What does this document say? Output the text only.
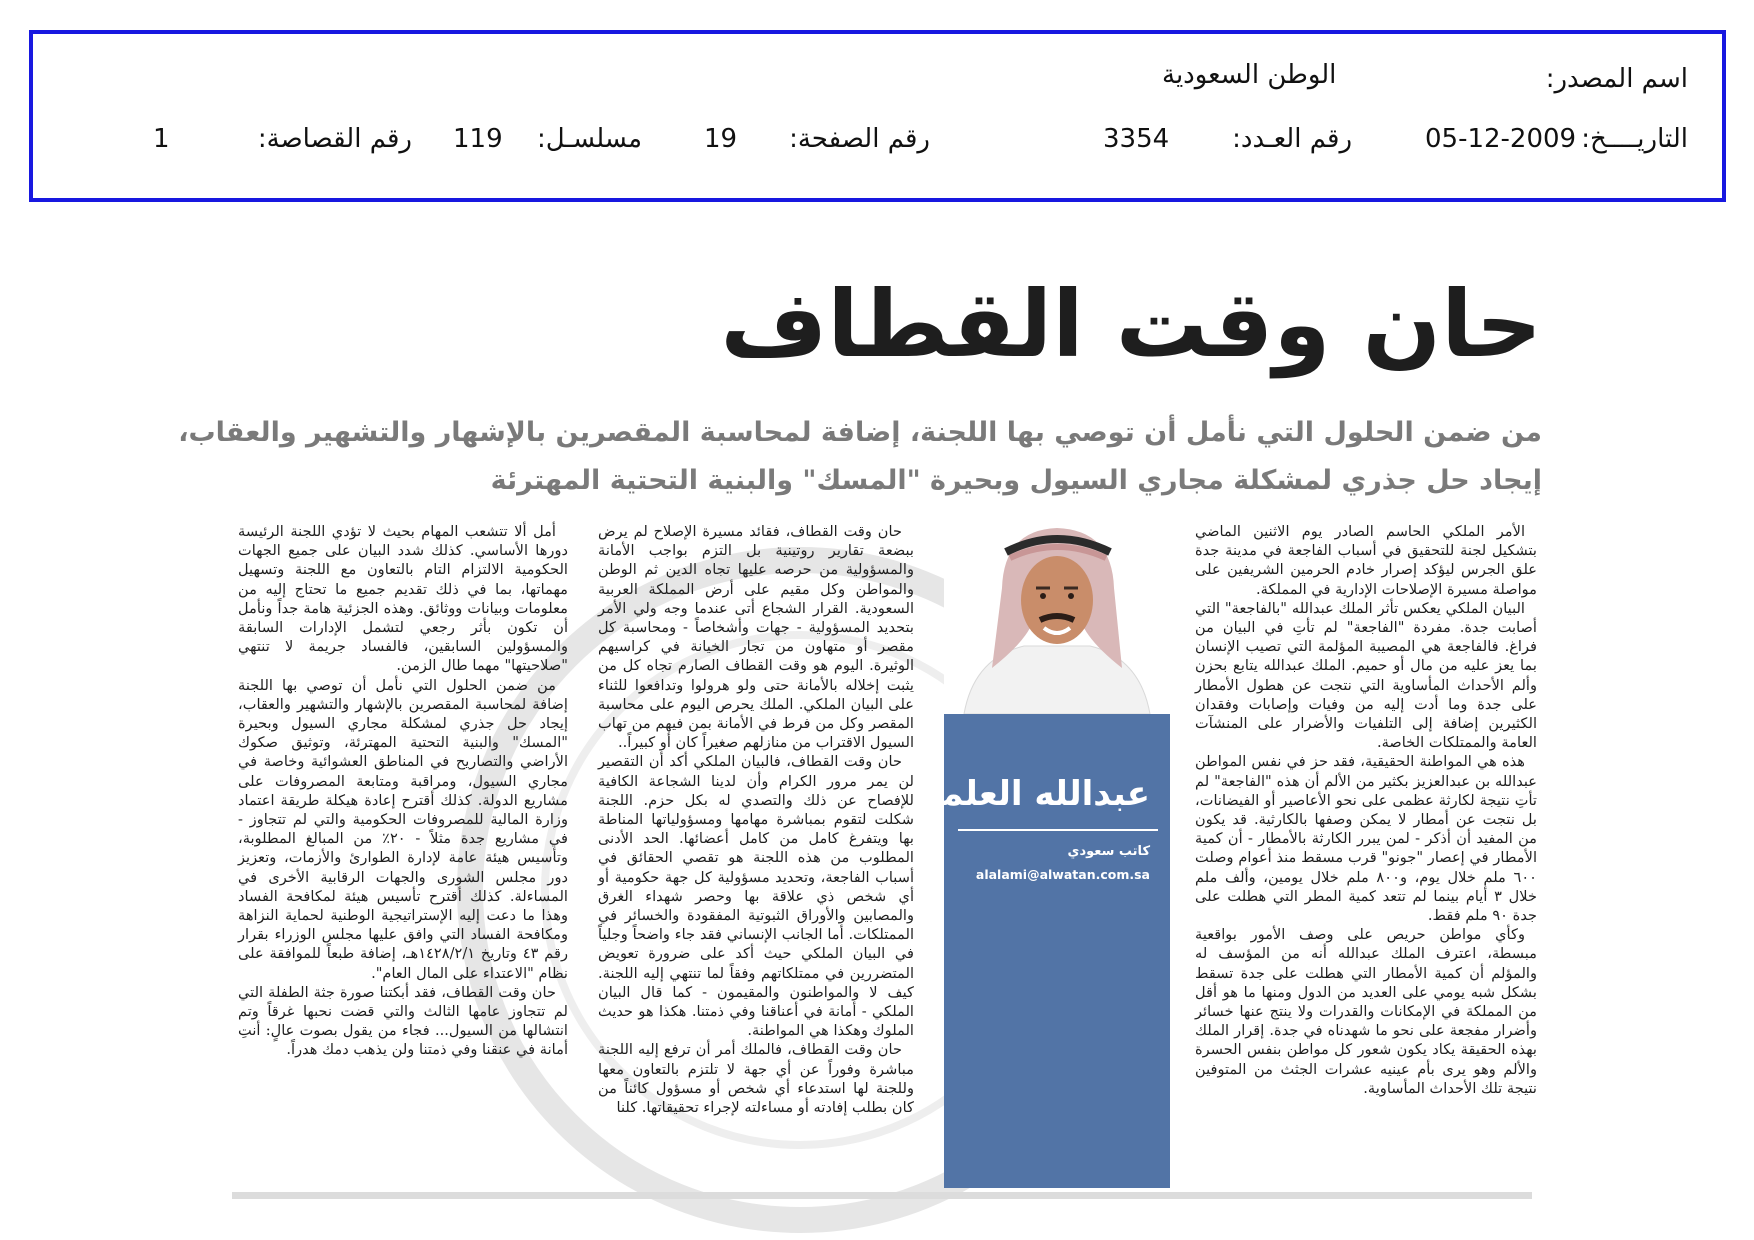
اسم المصدر:
الوطن السعودية
التاريــــخ:
05-12-2009
رقم العـدد:
3354
رقم الصفحة:
19
مسلسـل:
119
رقم القصاصة:
1
حان وقت القطاف
من ضمن الحلول التي نأمل أن توصي بها اللجنة، إضافة لمحاسبة المقصرين بالإشهار والتشهير والعقاب،
إيجاد حل جذري لمشكلة مجاري السيول وبحيرة "المسك" والبنية التحتية المهترئة

الأمر الملكي الحاسم الصادر يوم الاثنين الماضي بتشكيل لجنة للتحقيق في أسباب الفاجعة في مدينة جدة علق الجرس ليؤكد إصرار خادم الحرمين الشريفين على مواصلة مسيرة الإصلاحات الإدارية في المملكة.

البيان الملكي يعكس تأثر الملك عبدالله "بالفاجعة" التي أصابت جدة. مفردة "الفاجعة" لم تأتِ في البيان من فراغ. فالفاجعة هي المصيبة المؤلمة التي تصيب الإنسان بما يعز عليه من مال أو حميم. الملك عبدالله يتابع بحزن وألم الأحداث المأساوية التي نتجت عن هطول الأمطار على جدة وما أدت إليه من وفيات وإصابات وفقدان الكثيرين إضافة إلى التلفيات والأضرار على المنشآت العامة والممتلكات الخاصة.

هذه هي المواطنة الحقيقية، فقد حز في نفس المواطن عبدالله بن عبدالعزيز بكثير من الألم أن هذه "الفاجعة" لم تأتِ نتيجة لكارثة عظمى على نحو الأعاصير أو الفيضانات، بل نتجت عن أمطار لا يمكن وصفها بالكارثية. قد يكون من المفيد أن أذكر - لمن يبرر الكارثة بالأمطار - أن كمية الأمطار في إعصار "جونو" قرب مسقط منذ أعوام وصلت ٦٠٠ ملم خلال يوم، و٨٠٠ ملم خلال يومين، وألف ملم خلال ٣ أيام بينما لم تتعد كمية المطر التي هطلت على جدة ٩٠ ملم فقط.

وكأي مواطن حريص على وصف الأمور بواقعية مبسطة، اعترف الملك عبدالله أنه من المؤسف له والمؤلم أن كمية الأمطار التي هطلت على جدة تسقط بشكل شبه يومي على العديد من الدول ومنها ما هو أقل من المملكة في الإمكانات والقدرات ولا ينتج عنها خسائر وأضرار مفجعة على نحو ما شهدناه في جدة. إقرار الملك بهذه الحقيقة يكاد يكون شعور كل مواطن بنفس الحسرة والألم وهو يرى بأم عينيه عشرات الجثث من المتوفين نتيجة تلك الأحداث المأساوية.

عبدالله العلمي
كاتب سعودي
alalami@alwatan.com.sa

حان وقت القطاف، فقائد مسيرة الإصلاح لم يرض ببضعة تقارير روتينية بل التزم بواجب الأمانة والمسؤولية من حرصه عليها تجاه الدين ثم الوطن والمواطن وكل مقيم على أرض المملكة العربية السعودية. القرار الشجاع أتى عندما وجه ولي الأمر بتحديد المسؤولية - جهات وأشخاصاً - ومحاسبة كل مقصر أو متهاون من تجار الخيانة في كراسيهم الوثيرة. اليوم هو وقت القطاف الصارم تجاه كل من يثبت إخلاله بالأمانة حتى ولو هرولوا وتدافعوا للثناء على البيان الملكي. الملك يحرص اليوم على محاسبة المقصر وكل من فرط في الأمانة بمن فيهم من تهاب السيول الاقتراب من منازلهم صغيراً كان أو كبيراً..

حان وقت القطاف، فالبيان الملكي أكد أن التقصير لن يمر مرور الكرام وأن لدينا الشجاعة الكافية للإفصاح عن ذلك والتصدي له بكل حزم. اللجنة شكلت لتقوم بمباشرة مهامها ومسؤولياتها المناطة بها ويتفرغ كامل من كامل أعضائها. الحد الأدنى المطلوب من هذه اللجنة هو تقصي الحقائق في أسباب الفاجعة، وتحديد مسؤولية كل جهة حكومية أو أي شخص ذي علاقة بها وحصر شهداء الغرق والمصابين والأوراق الثبوتية المفقودة والخسائر في الممتلكات. أما الجانب الإنساني فقد جاء واضحاً وجلياً في البيان الملكي حيث أكد على ضرورة تعويض المتضررين في ممتلكاتهم وفقاً لما تنتهي إليه اللجنة. كيف لا والمواطنون والمقيمون - كما قال البيان الملكي - أمانة في أعناقنا وفي ذمتنا. هكذا هو حديث الملوك وهكذا هي المواطنة.

حان وقت القطاف، فالملك أمر أن ترفع إليه اللجنة مباشرة وفوراً عن أي جهة لا تلتزم بالتعاون معها وللجنة لها استدعاء أي شخص أو مسؤول كائناً من كان بطلب إفادته أو مساءلته لإجراء تحقيقاتها. كلنا

أمل ألا تتشعب المهام بحيث لا تؤدي اللجنة الرئيسة دورها الأساسي. كذلك شدد البيان على جميع الجهات الحكومية الالتزام التام بالتعاون مع اللجنة وتسهيل مهماتها، بما في ذلك تقديم جميع ما تحتاج إليه من معلومات وبيانات ووثائق. وهذه الجزئية هامة جداً ونأمل أن تكون بأثر رجعي لتشمل الإدارات السابقة والمسؤولين السابقين، فالفساد جريمة لا تنتهي "صلاحيتها" مهما طال الزمن.

من ضمن الحلول التي نأمل أن توصي بها اللجنة إضافة لمحاسبة المقصرين بالإشهار والتشهير والعقاب، إيجاد حل جذري لمشكلة مجاري السيول وبحيرة "المسك" والبنية التحتية المهترئة، وتوثيق صكوك الأراضي والتصاريح في المناطق العشوائية وخاصة في مجاري السيول، ومراقبة ومتابعة المصروفات على مشاريع الدولة. كذلك أقترح إعادة هيكلة طريقة اعتماد وزارة المالية للمصروفات الحكومية والتي لم تتجاوز - في مشاريع جدة مثلاً - ٢٠٪ من المبالغ المطلوبة، وتأسيس هيئة عامة لإدارة الطوارئ والأزمات، وتعزيز دور مجلس الشورى والجهات الرقابية الأخرى في المساءلة. كذلك أقترح تأسيس هيئة لمكافحة الفساد وهذا ما دعت إليه الإستراتيجية الوطنية لحماية النزاهة ومكافحة الفساد التي وافق عليها مجلس الوزراء بقرار رقم ٤٣ وتاريخ ١٤٢٨/٢/١هـ، إضافة طبعاً للموافقة على نظام "الاعتداء على المال العام".

حان وقت القطاف، فقد أبكتنا صورة جثة الطفلة التي لم تتجاوز عامها الثالث والتي قضت نحبها غرقاً وتم انتشالها من السيول... فجاء من يقول بصوت عالٍ: أنتِ أمانة في عنقنا وفي ذمتنا ولن يذهب دمك هدراً.
